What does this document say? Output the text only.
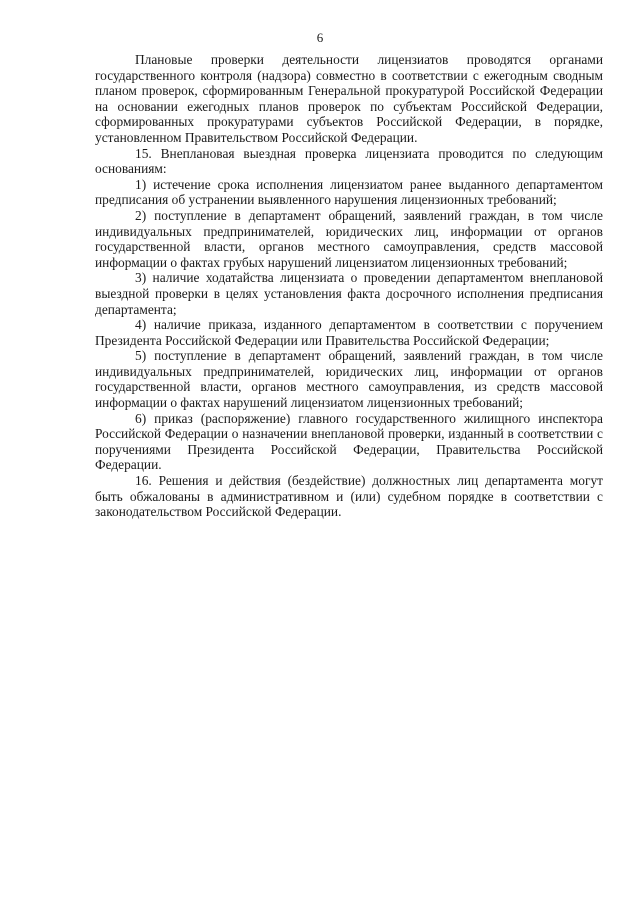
6

Плановые проверки деятельности лицензиатов проводятся органами государственного контроля (надзора) совместно в соответствии с ежегодным сводным планом проверок, сформированным Генеральной прокуратурой Российской Федерации на основании ежегодных планов проверок по субъектам Российской Федерации, сформированных прокуратурами субъектов Российской Федерации, в порядке, установленном Правительством Российской Федерации.

15. Внеплановая выездная проверка лицензиата проводится по следующим основаниям:

1) истечение срока исполнения лицензиатом ранее выданного департаментом предписания об устранении выявленного нарушения лицензионных требований;

2) поступление в департамент обращений, заявлений граждан, в том числе индивидуальных предпринимателей, юридических лиц, информации от органов государственной власти, органов местного самоуправления, средств массовой информации о фактах грубых нарушений лицензиатом лицензионных требований;

3) наличие ходатайства лицензиата о проведении департаментом внеплановой выездной проверки в целях установления факта досрочного исполнения предписания департамента;

4) наличие приказа, изданного департаментом в соответствии с поручением Президента Российской Федерации или Правительства Российской Федерации;

5) поступление в департамент обращений, заявлений граждан, в том числе индивидуальных предпринимателей, юридических лиц, информации от органов государственной власти, органов местного самоуправления, из средств массовой информации о фактах нарушений лицензиатом лицензионных требований;

6) приказ (распоряжение) главного государственного жилищного инспектора Российской Федерации о назначении внеплановой проверки, изданный в соответствии с поручениями Президента Российской Федерации, Правительства Российской Федерации.

16. Решения и действия (бездействие) должностных лиц департамента могут быть обжалованы в административном и (или) судебном порядке в соответствии с законодательством Российской Федерации.
